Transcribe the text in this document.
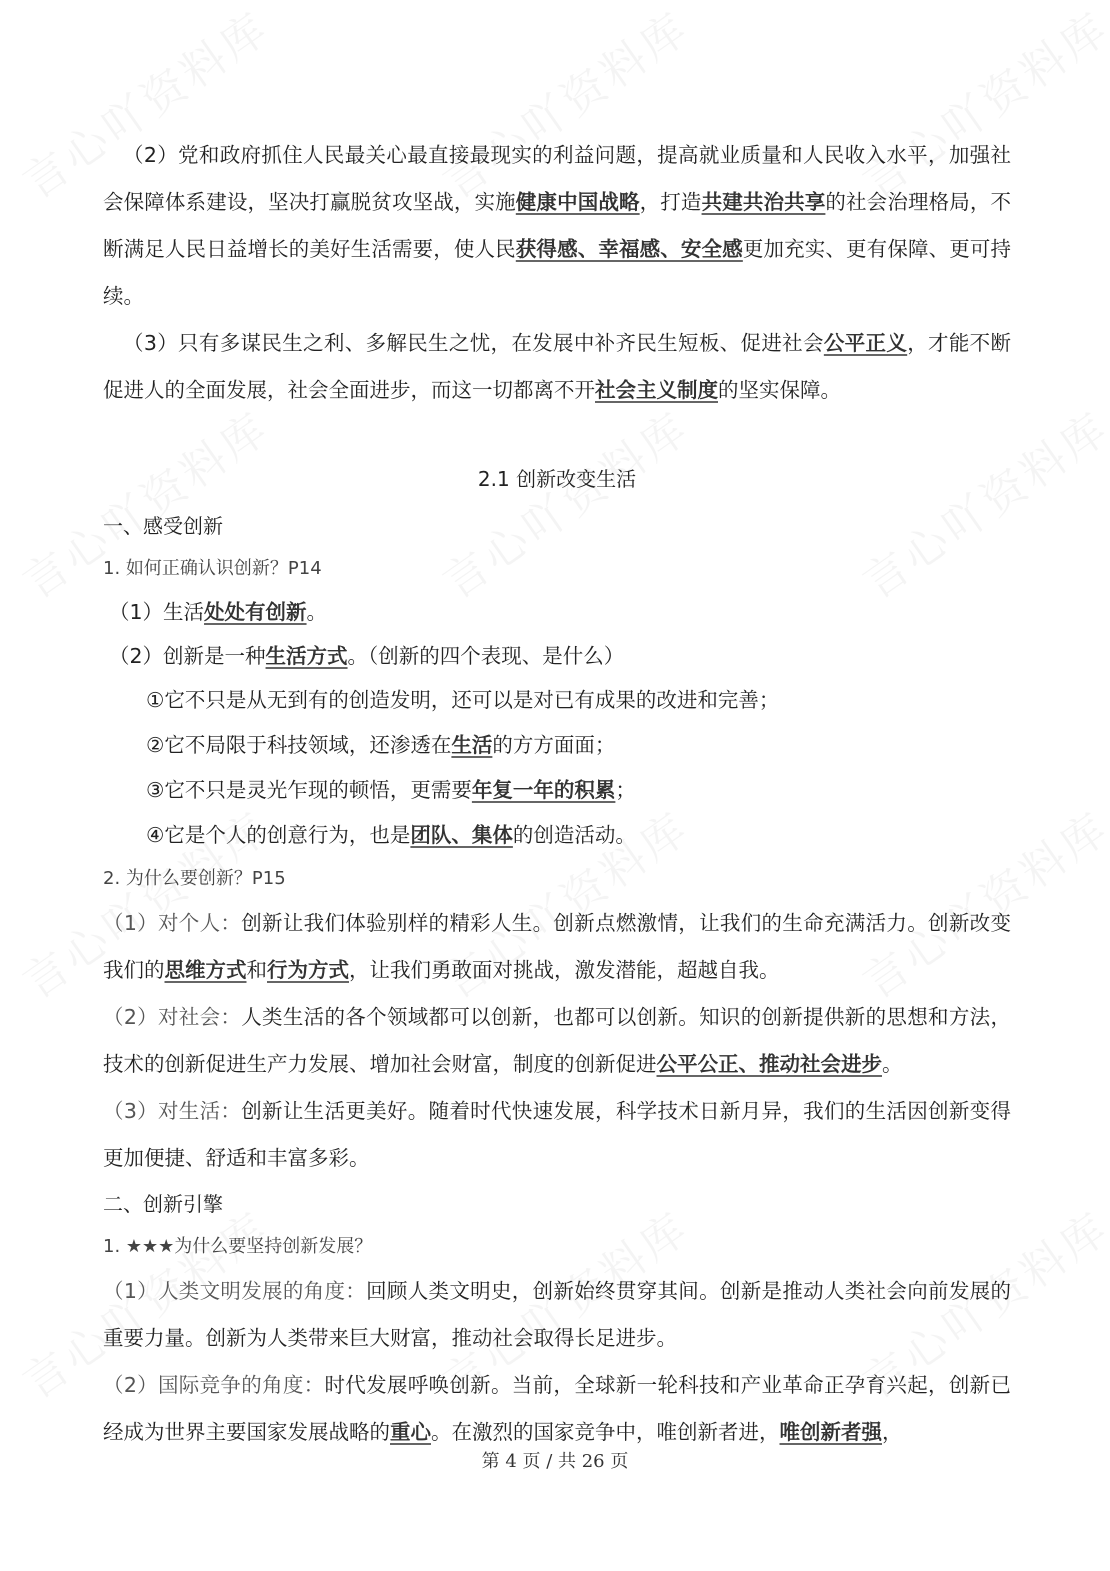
（2）党和政府抓住人民最关心最直接最现实的利益问题，提高就业质量和人民收入水平，加强社会保障体系建设，坚决打赢脱贫攻坚战，实施健康中国战略，打造共建共治共享的社会治理格局，不断满足人民日益增长的美好生活需要，使人民获得感、幸福感、安全感更加充实、更有保障、更可持续。

（3）只有多谋民生之利、多解民生之忧，在发展中补齐民生短板、促进社会公平正义，才能不断促进人的全面发展，社会全面进步，而这一切都离不开社会主义制度的坚实保障。

2.1 创新改变生活
一、感受创新
1. 如何正确认识创新？P14

（1）生活处处有创新。

（2）创新是一种生活方式。（创新的四个表现、是什么）

①它不只是从无到有的创造发明，还可以是对已有成果的改进和完善；

②它不局限于科技领域，还渗透在生活的方方面面；

③它不只是灵光乍现的顿悟，更需要年复一年的积累；

④它是个人的创意行为，也是团队、集体的创造活动。

2. 为什么要创新？P15

（1）对个人：创新让我们体验别样的精彩人生。创新点燃激情，让我们的生命充满活力。创新改变我们的思维方式和行为方式，让我们勇敢面对挑战，激发潜能，超越自我。

（2）对社会：人类生活的各个领域都可以创新，也都可以创新。知识的创新提供新的思想和方法，技术的创新促进生产力发展、增加社会财富，制度的创新促进公平公正、推动社会进步。

（3）对生活：创新让生活更美好。随着时代快速发展，科学技术日新月异，我们的生活因创新变得更加便捷、舒适和丰富多彩。

二、创新引擎
1. ★★★为什么要坚持创新发展？

（1）人类文明发展的角度：回顾人类文明史，创新始终贯穿其间。创新是推动人类社会向前发展的重要力量。创新为人类带来巨大财富，推动社会取得长足进步。

（2）国际竞争的角度：时代发展呼唤创新。当前，全球新一轮科技和产业革命正孕育兴起，创新已经成为世界主要国家发展战略的重心。在激烈的国家竞争中，唯创新者进，唯创新者强，

第 4 页 / 共 26 页
